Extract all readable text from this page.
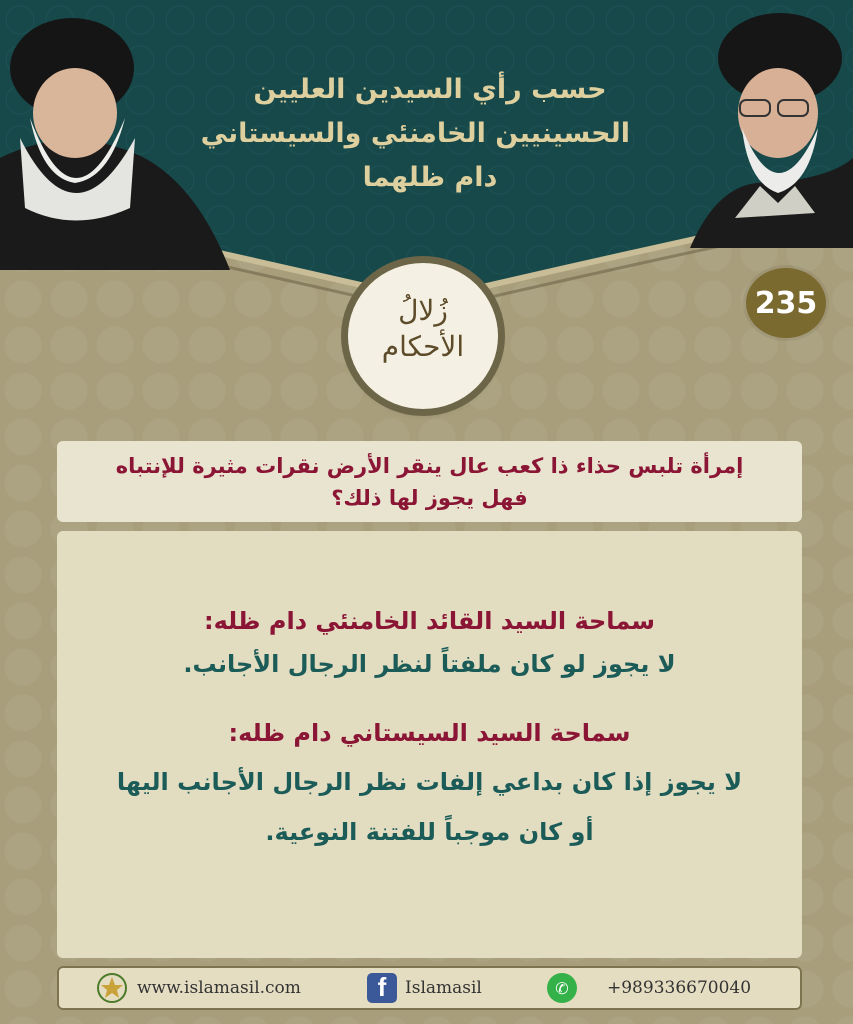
حسب رأي السيدين العليين
الحسينيين الخامنئي والسيستاني
دام ظلهما
زُلالُ
الأحكام
235
إمرأة تلبس حذاء ذا كعب عال ينقر الأرض نقرات مثيرة للإنتباه
فهل يجوز لها ذلك؟
سماحة السيد القائد الخامنئي دام ظله:
لا يجوز لو كان ملفتاً لنظر الرجال الأجانب.
سماحة السيد السيستاني دام ظله:
لا يجوز إذا كان بداعي إلفات نظر الرجال الأجانب اليها
أو كان موجباً للفتنة النوعية.
www.islamasil.com	f	Islamasil	✆	+989336670040
